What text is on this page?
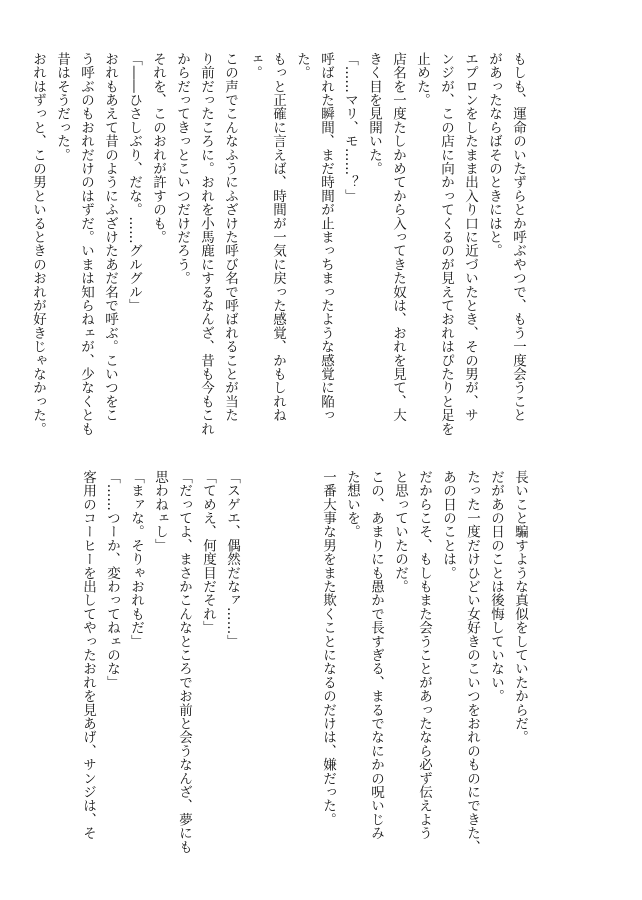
もしも、運命のいたずらとか呼ぶやつで、もう一度会うこと
があったならばそのときにはと。
エプロンをしたまま出入り口に近づいたとき、その男が、サ
ンジが、この店に向かってくるのが見えておれはぴたりと足を
止めた。
店名を一度たしかめてから入ってきた奴は、おれを見て、大
きく目を見開いた。
「……マリ、モ……？」
呼ばれた瞬間、まだ時間が止まっちまったような感覚に陥っ
た。
もっと正確に言えば、時間が一気に戻った感覚、かもしれね
ェ。
この声でこんなふうにふざけた呼び名で呼ばれることが当た
り前だったころに。おれを小馬鹿にするなんざ、昔も今もこれ
からだってきっとこいつだけだろう。
それを、このおれが許すのも。
「――ひさしぶり、だな。……グルグル」
おれもあえて昔のようにふざけたあだ名で呼ぶ。こいつをこ
う呼ぶのもおれだけのはずだ。いまは知らねェが、少なくとも
昔はそうだった。
おれはずっと、この男といるときのおれが好きじゃなかった。
長いこと騙すような真似をしていたからだ。
だがあの日のことは後悔していない。
たった一度だけひどい女好きのこいつをおれのものにできた、
あの日のことは。
だからこそ、もしもまた会うことがあったなら必ず伝えよう
と思っていたのだ。
この、あまりにも愚かで長すぎる、まるでなにかの呪いじみ
た想いを。
一番大事な男をまた欺くことになるのだけは、嫌だった。
「スゲエ、偶然だなァ……」
「てめえ、何度目だそれ」
「だってよ、まさかこんなところでお前と会うなんざ、夢にも
思わねェし」
「まァな。そりゃおれもだ」
「……つーか、変わってねェのな」
客用のコーヒーを出してやったおれを見あげ、サンジは、そ
